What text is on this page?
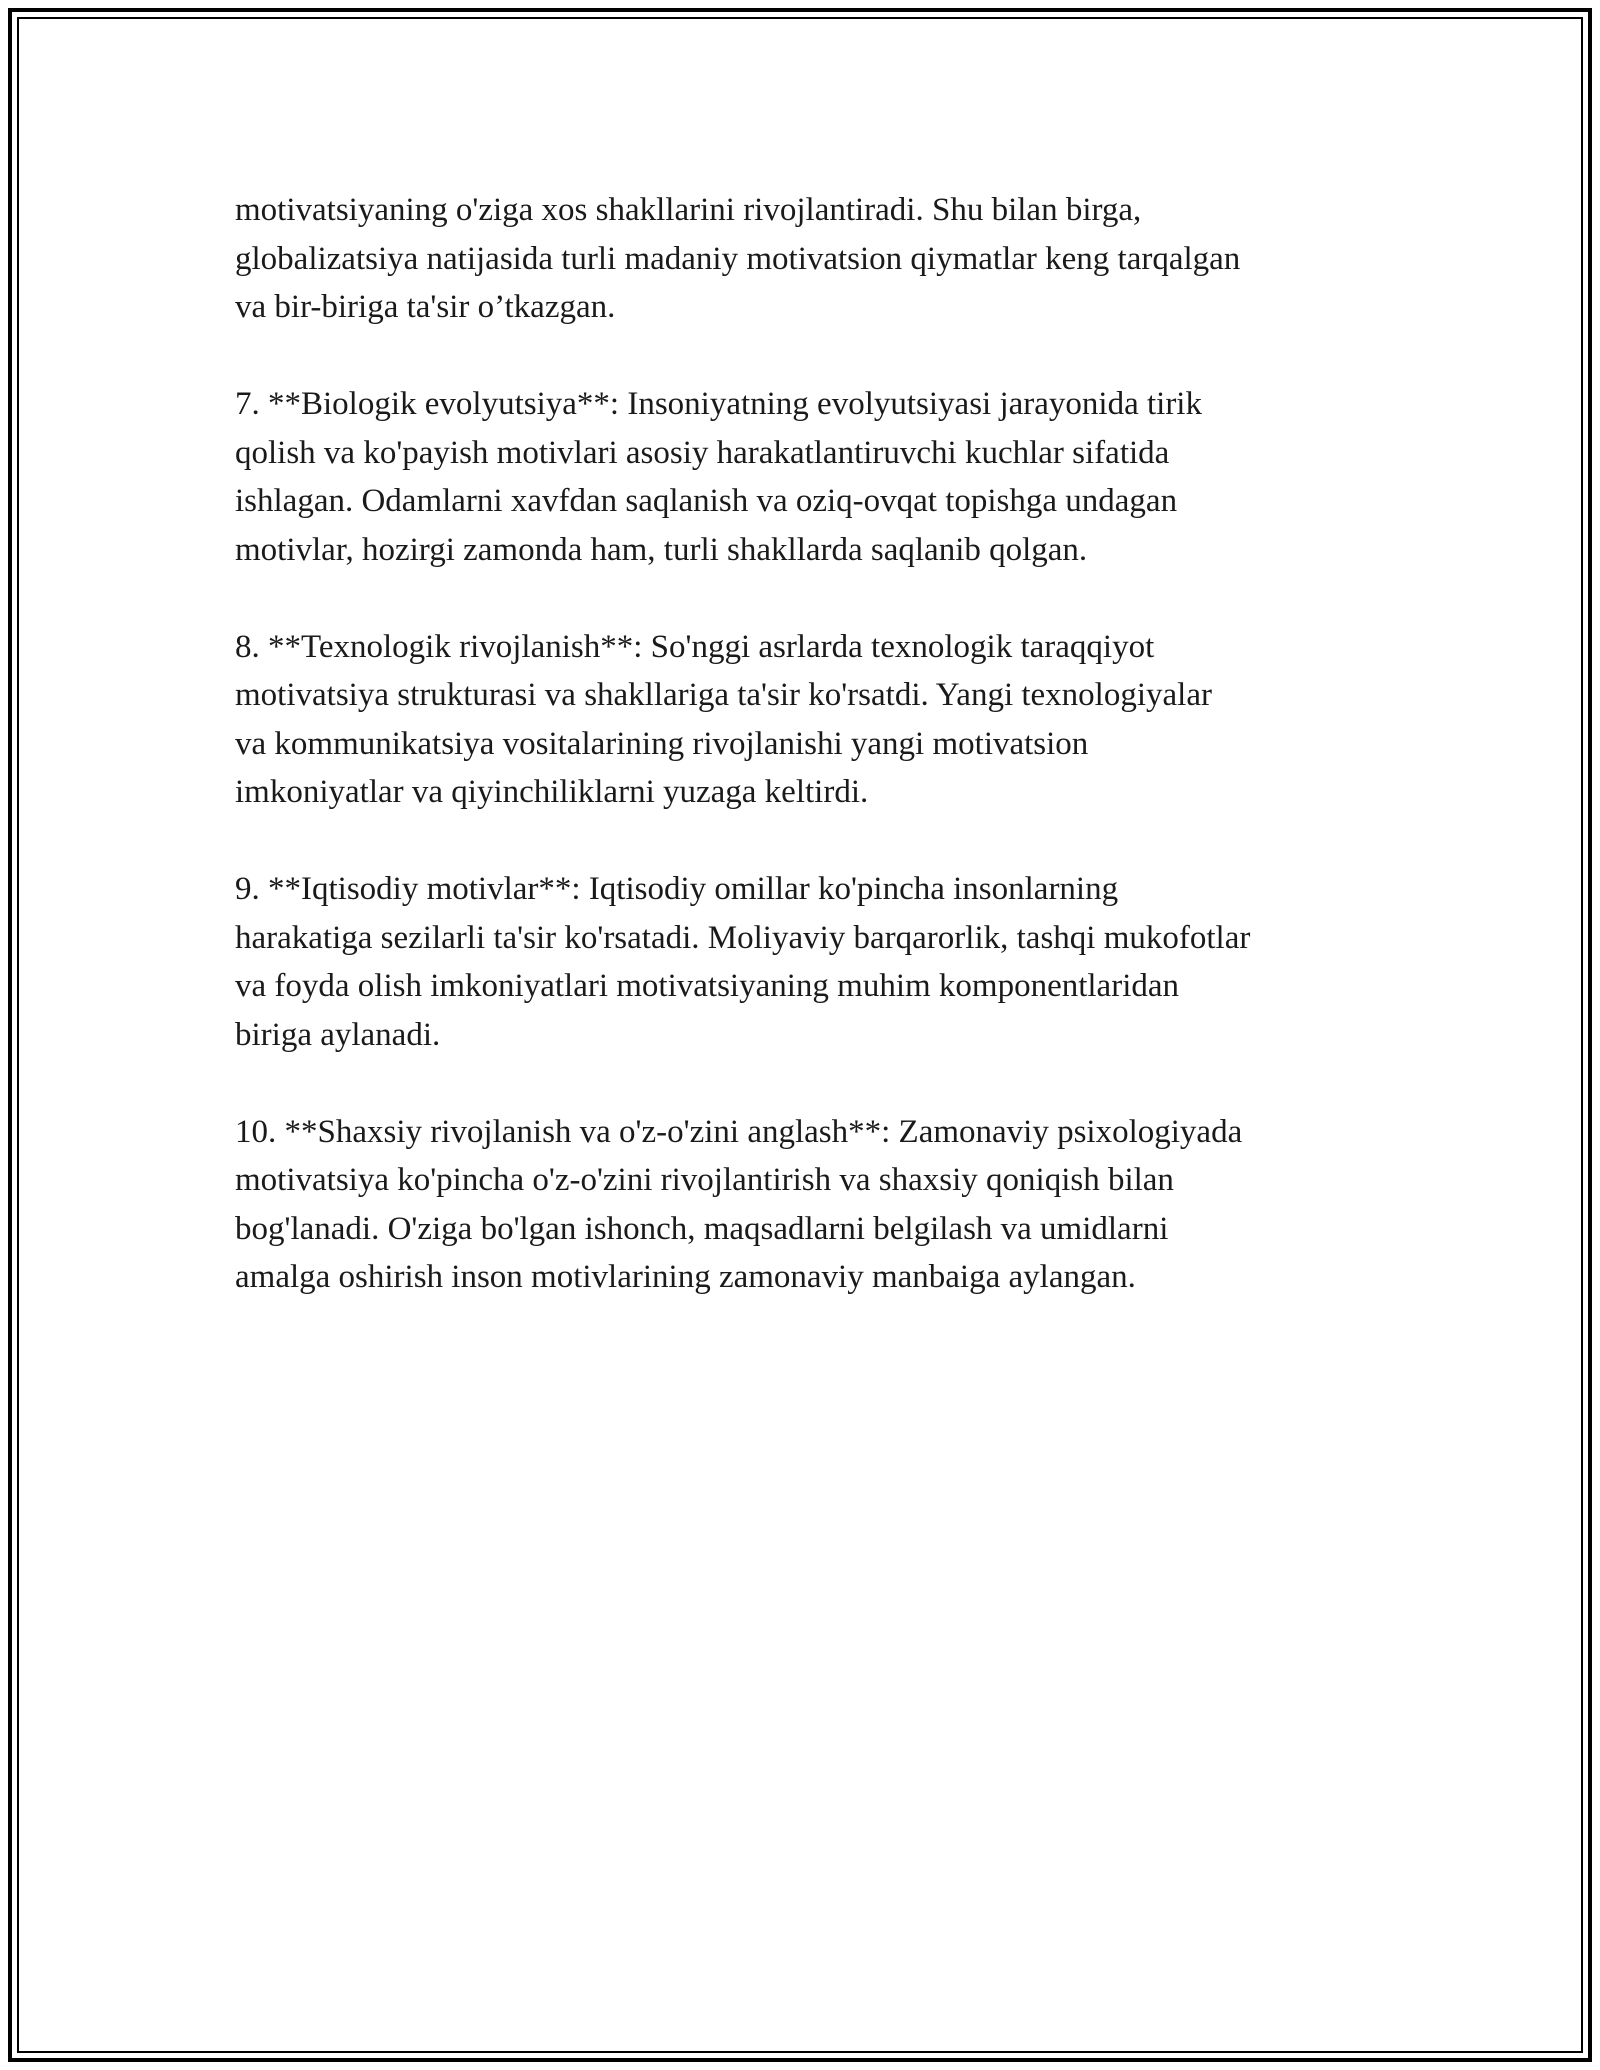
motivatsiyaning o'ziga xos shakllarini rivojlantiradi. Shu bilan birga,
globalizatsiya natijasida turli madaniy motivatsion qiymatlar keng tarqalgan
va bir-biriga ta'sir o’tkazgan.

7. **Biologik evolyutsiya**: Insoniyatning evolyutsiyasi jarayonida tirik
qolish va ko'payish motivlari asosiy harakatlantiruvchi kuchlar sifatida
ishlagan. Odamlarni xavfdan saqlanish va oziq-ovqat topishga undagan
motivlar, hozirgi zamonda ham, turli shakllarda saqlanib qolgan.

8. **Texnologik rivojlanish**: So'nggi asrlarda texnologik taraqqiyot
motivatsiya strukturasi va shakllariga ta'sir ko'rsatdi. Yangi texnologiyalar
va kommunikatsiya vositalarining rivojlanishi yangi motivatsion
imkoniyatlar va qiyinchiliklarni yuzaga keltirdi.

9. **Iqtisodiy motivlar**: Iqtisodiy omillar ko'pincha insonlarning
harakatiga sezilarli ta'sir ko'rsatadi. Moliyaviy barqarorlik, tashqi mukofotlar
va foyda olish imkoniyatlari motivatsiyaning muhim komponentlaridan
biriga aylanadi.

10. **Shaxsiy rivojlanish va o'z-o'zini anglash**: Zamonaviy psixologiyada
motivatsiya ko'pincha o'z-o'zini rivojlantirish va shaxsiy qoniqish bilan
bog'lanadi. O'ziga bo'lgan ishonch, maqsadlarni belgilash va umidlarni
amalga oshirish inson motivlarining zamonaviy manbaiga aylangan.
